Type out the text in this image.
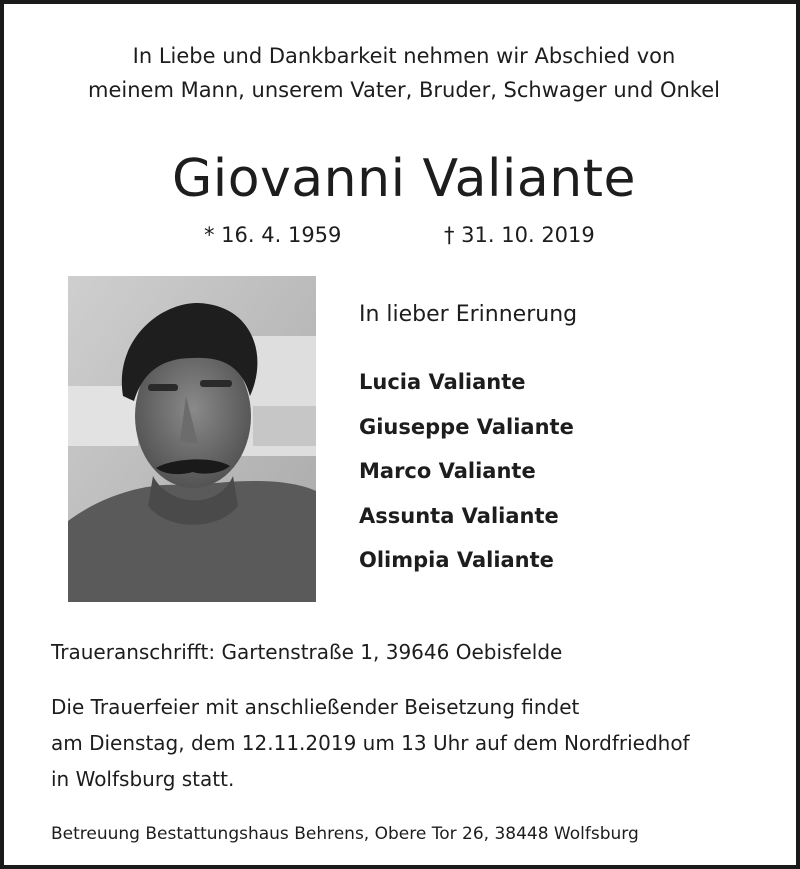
In Liebe und Dankbarkeit nehmen wir Abschied von
meinem Mann, unserem Vater, Bruder, Schwager und Onkel
Giovanni Valiante
* 16. 4. 1959	† 31. 10. 2019
In lieber Erinnerung
Lucia Valiante
Giuseppe Valiante
Marco Valiante
Assunta Valiante
Olimpia Valiante
Traueranschrifft: Gartenstraße 1, 39646 Oebisfelde
Die Trauerfeier mit anschließender Beisetzung findet
am Dienstag, dem 12.11.2019 um 13 Uhr auf dem Nordfriedhof
in Wolfsburg statt.
Betreuung Bestattungshaus Behrens, Obere Tor 26, 38448 Wolfsburg
